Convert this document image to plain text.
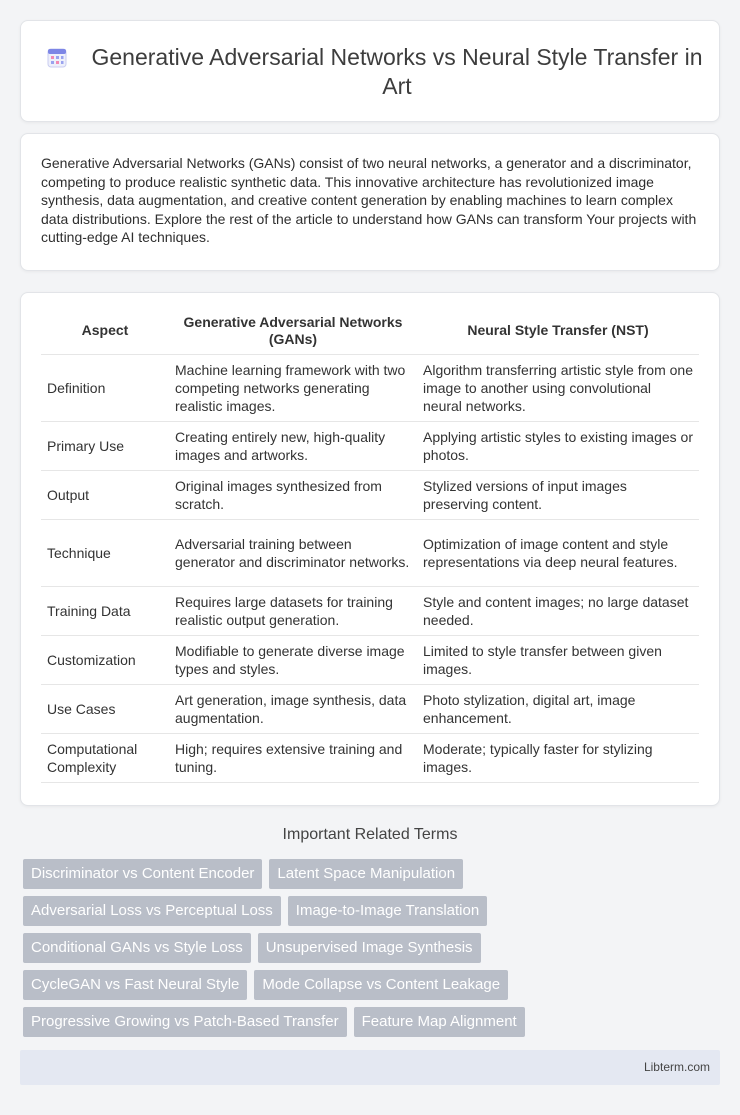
Generative Adversarial Networks vs Neural Style Transfer in Art

Generative Adversarial Networks (GANs) consist of two neural networks, a generator and a discriminator, competing to produce realistic synthetic data. This innovative architecture has revolutionized image synthesis, data augmentation, and creative content generation by enabling machines to learn complex data distributions. Explore the rest of the article to understand how GANs can transform Your projects with cutting-edge AI techniques.

Aspect	Generative Adversarial Networks (GANs)	Neural Style Transfer (NST)
Definition	Machine learning framework with two competing networks generating realistic images.	Algorithm transferring artistic style from one image to another using convolutional neural networks.
Primary Use	Creating entirely new, high-quality images and artworks.	Applying artistic styles to existing images or photos.
Output	Original images synthesized from scratch.	Stylized versions of input images preserving content.
Technique	Adversarial training between generator and discriminator networks.	Optimization of image content and style representations via deep neural features.
Training Data	Requires large datasets for training realistic output generation.	Style and content images; no large dataset needed.
Customization	Modifiable to generate diverse image types and styles.	Limited to style transfer between given images.
Use Cases	Art generation, image synthesis, data augmentation.	Photo stylization, digital art, image enhancement.
Computational Complexity	High; requires extensive training and tuning.	Moderate; typically faster for stylizing images.
Important Related Terms
Discriminator vs Content Encoder	Latent Space Manipulation
Adversarial Loss vs Perceptual Loss	Image-to-Image Translation
Conditional GANs vs Style Loss	Unsupervised Image Synthesis
CycleGAN vs Fast Neural Style	Mode Collapse vs Content Leakage
Progressive Growing vs Patch-Based Transfer	Feature Map Alignment
Libterm.com
